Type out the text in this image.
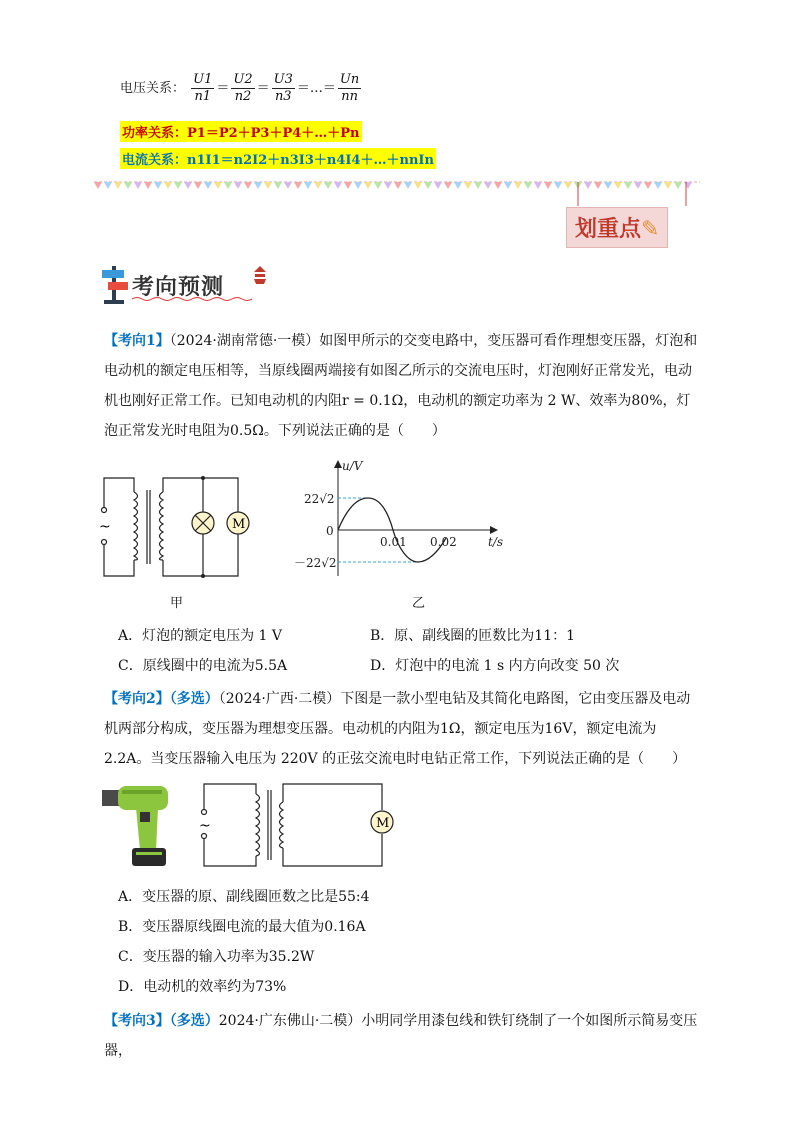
电压关系： $\frac{U1}{n1} = \frac{U2}{n2} = \frac{U3}{n3}$ ＝…＝ $\frac{Un}{nn}$
功率关系：P1＝P2＋P3＋P4＋…＋Pn
电流关系：n1I1＝n2I2＋n3I3＋n4I4＋…＋nnIn
划重点✎
考向预测
【考向1】（2024·湖南常德·一模）如图甲所示的交变电路中，变压器可看作理想变压器，灯泡和电动机的额定电压相等，当原线圈两端接有如图乙所示的交流电压时，灯泡刚好正常发光，电动机也刚好正常工作。已知电动机的内阻r = 0.1Ω，电动机的额定功率为 2 W、效率为80%，灯泡正常发光时电阻为0.5Ω。下列说法正确的是（　　）
~	M
甲
u/V
t/s
0
22√2
－22√2
0.01 0.02
乙
A．灯泡的额定电压为 1 V	B．原、副线圈的匝数比为11：1
C．原线圈中的电流为5.5A	D．灯泡中的电流 1 s 内方向改变 50 次
【考向2】（多选）（2024·广西·二模）下图是一款小型电钻及其简化电路图，它由变压器及电动机两部分构成，变压器为理想变压器。电动机的内阻为1Ω，额定电压为16V，额定电流为2.2A。当变压器输入电压为 220V 的正弦交流电时电钻正常工作，下列说法正确的是（　　）
~	M
A．变压器的原、副线圈匝数之比是55:4
B．变压器原线圈电流的最大值为0.16A
C．变压器的输入功率为35.2W
D．电动机的效率约为73%
【考向3】（多选）2024·广东佛山·二模）小明同学用漆包线和铁钉绕制了一个如图所示简易变压器，
